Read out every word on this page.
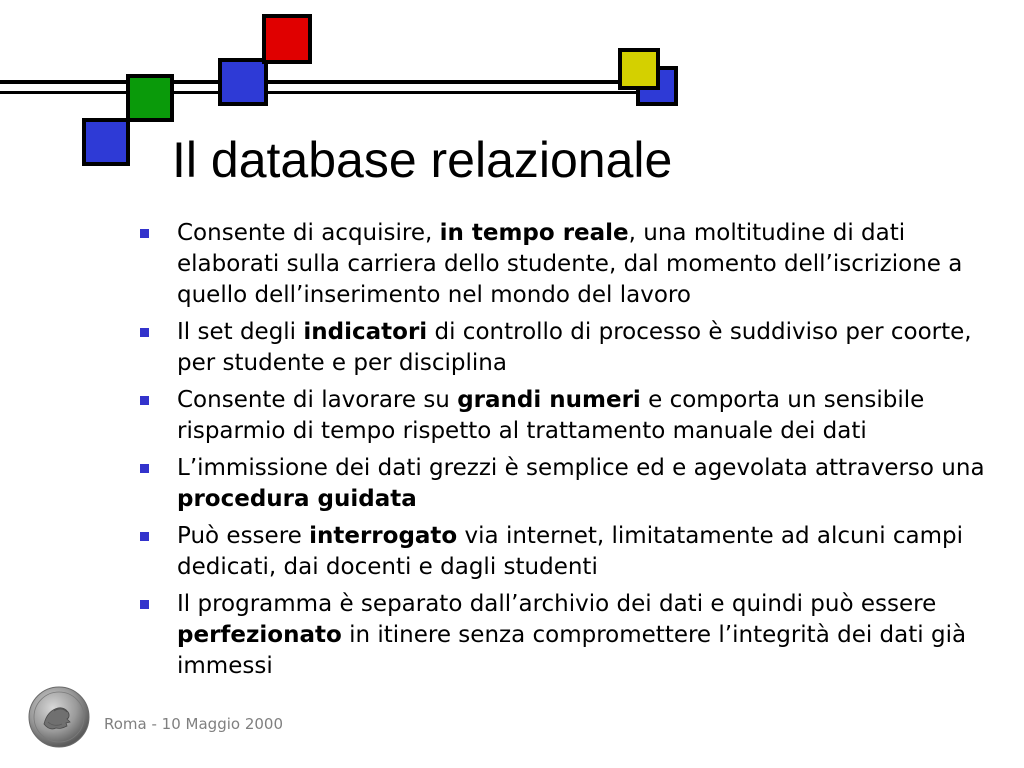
Il database relazionale
Consente di acquisire, in tempo reale, una moltitudine di dati elaborati sulla carriera dello studente, dal momento dell’iscrizione a quello dell’inserimento nel mondo del lavoro
Il set degli indicatori di controllo di processo è suddiviso per coorte, per studente e per disciplina
Consente di lavorare su grandi numeri e comporta un sensibile risparmio di tempo rispetto al trattamento manuale dei dati
L’immissione dei dati grezzi è semplice ed e agevolata attraverso una procedura guidata
Può essere interrogato via internet, limitatamente ad alcuni campi dedicati, dai docenti e dagli studenti
Il programma è separato dall’archivio dei dati e quindi può essere perfezionato in itinere senza compromettere l’integrità dei dati già immessi
Roma - 10 Maggio 2000
